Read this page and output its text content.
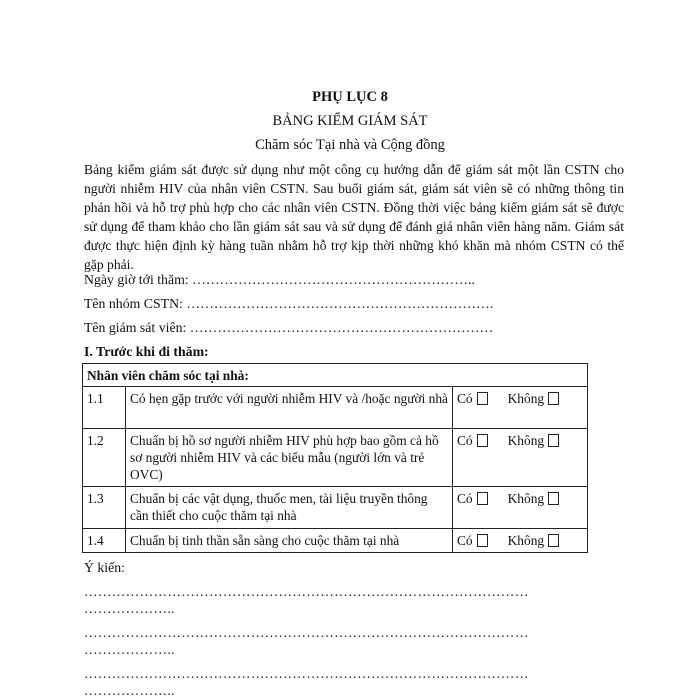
PHỤ LỤC 8
BẢNG KIỂM GIÁM SÁT
Chăm sóc Tại nhà và Cộng đồng
Bảng kiểm giám sát được sử dụng như một công cụ hướng dẫn để giám sát một lần CSTN cho người nhiễm HIV của nhân viên CSTN. Sau buổi giám sát, giám sát viên sẽ có những thông tin phản hồi và hỗ trợ phù hợp cho các nhân viên CSTN. Đồng thời việc bảng kiểm giám sát sẽ được sử dụng để tham khảo cho lần giám sát sau và sử dụng để đánh giá nhân viên hàng năm. Giám sát được thực hiện định kỳ hàng tuần nhằm hỗ trợ kịp thời những khó khăn mà nhóm CSTN có thể gặp phải.
Ngày giờ tới thăm: ……………………………………………………..
Tên nhóm CSTN: ………………………………………………………….
Tên giám sát viên: …………………………………………………………
I. Trước khi đi thăm:
Nhân viên chăm sóc tại nhà:		
1.1	Có hẹn gặp trước với người nhiễm HIV và /hoặc người nhà	Có Không
1.2	Chuẩn bị hồ sơ người nhiễm HIV phù hợp bao gồm cả hồ sơ người nhiễm HIV và các biểu mẫu (người lớn và trẻ OVC)	Có Không
1.3	Chuẩn bị các vật dụng, thuốc men, tài liệu truyền thông cần thiết cho cuộc thăm tại nhà	Có Không
1.4	Chuẩn bị tinh thần sẵn sàng cho cuộc thăm tại nhà	Có Không
Ý kiến:
……………………………………………………………………………………
………………..
……………………………………………………………………………………
………………..
……………………………………………………………………………………
………………..
